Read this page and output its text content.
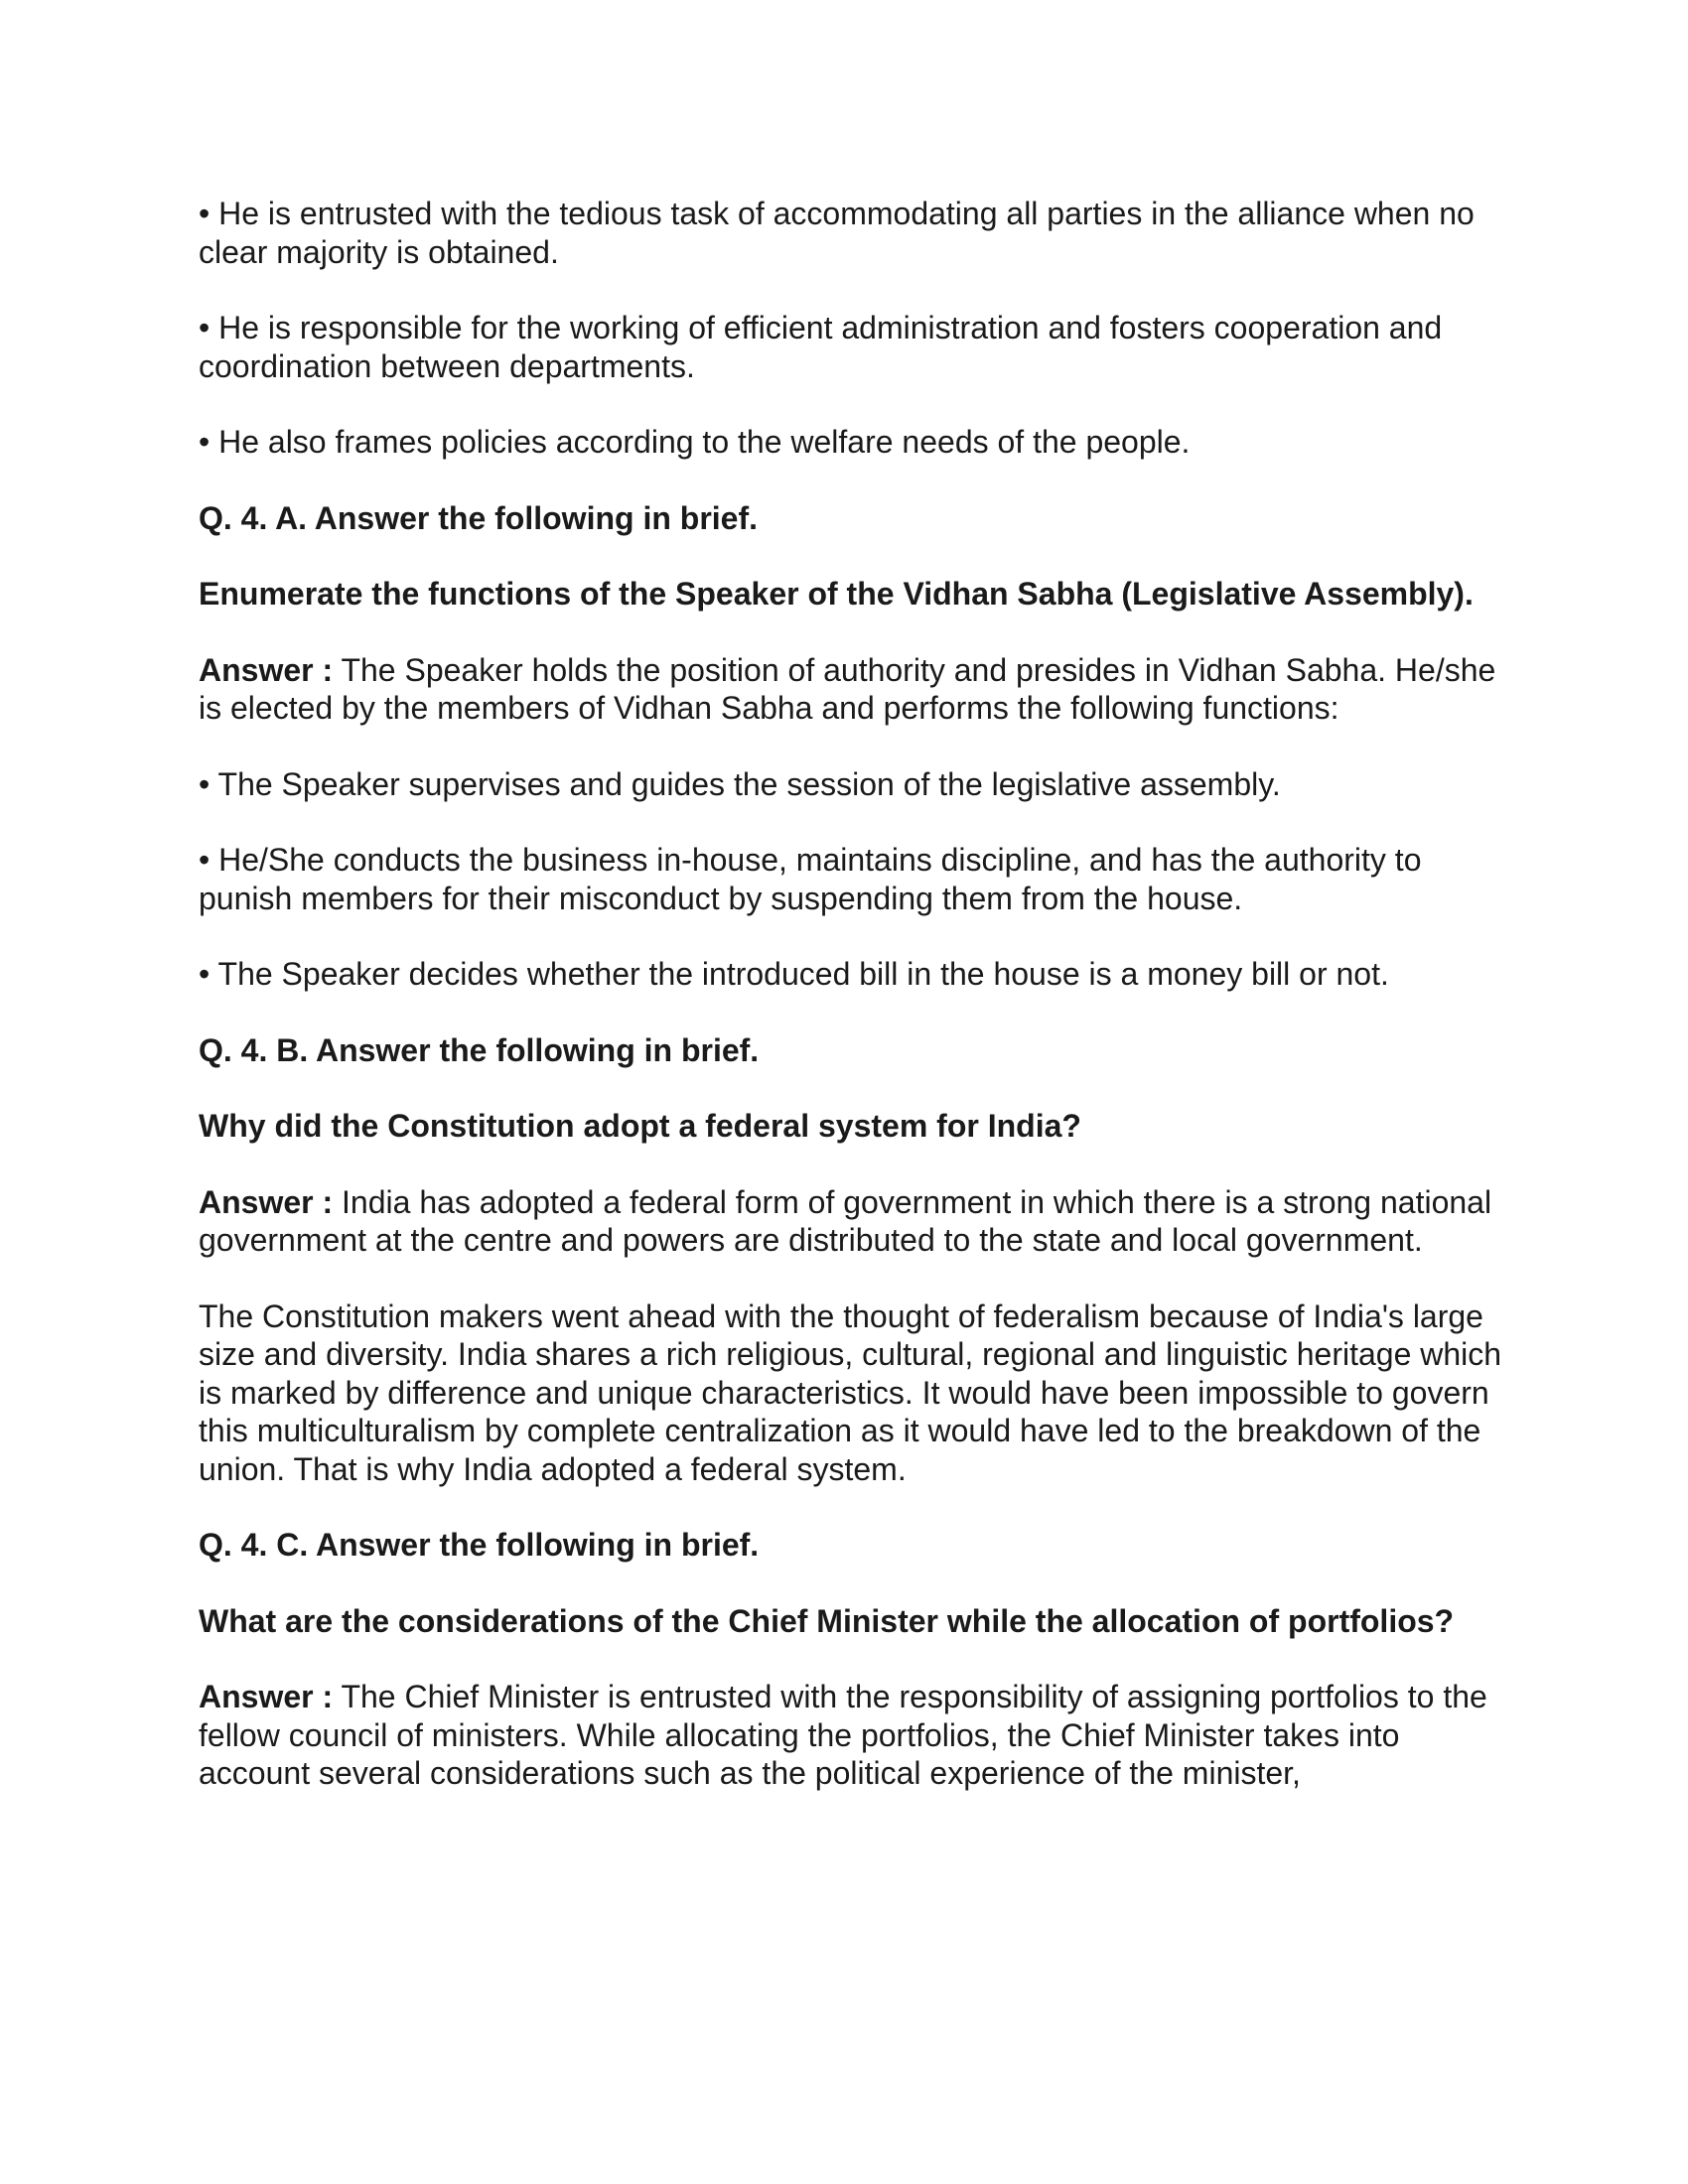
• He is entrusted with the tedious task of accommodating all parties in the alliance when no clear majority is obtained.

• He is responsible for the working of efficient administration and fosters cooperation and coordination between departments.

• He also frames policies according to the welfare needs of the people.

Q. 4. A. Answer the following in brief.

Enumerate the functions of the Speaker of the Vidhan Sabha (Legislative Assembly).

Answer : The Speaker holds the position of authority and presides in Vidhan Sabha. He/she is elected by the members of Vidhan Sabha and performs the following functions:

• The Speaker supervises and guides the session of the legislative assembly.

• He/She conducts the business in-house, maintains discipline, and has the authority to punish members for their misconduct by suspending them from the house.

• The Speaker decides whether the introduced bill in the house is a money bill or not.

Q. 4. B. Answer the following in brief.

Why did the Constitution adopt a federal system for India?

Answer : India has adopted a federal form of government in which there is a strong national government at the centre and powers are distributed to the state and local government.

The Constitution makers went ahead with the thought of federalism because of India's large size and diversity. India shares a rich religious, cultural, regional and linguistic heritage which is marked by difference and unique characteristics. It would have been impossible to govern this multiculturalism by complete centralization as it would have led to the breakdown of the union. That is why India adopted a federal system.

Q. 4. C. Answer the following in brief.

What are the considerations of the Chief Minister while the allocation of portfolios?

Answer : The Chief Minister is entrusted with the responsibility of assigning portfolios to the fellow council of ministers. While allocating the portfolios, the Chief Minister takes into account several considerations such as the political experience of the minister,
